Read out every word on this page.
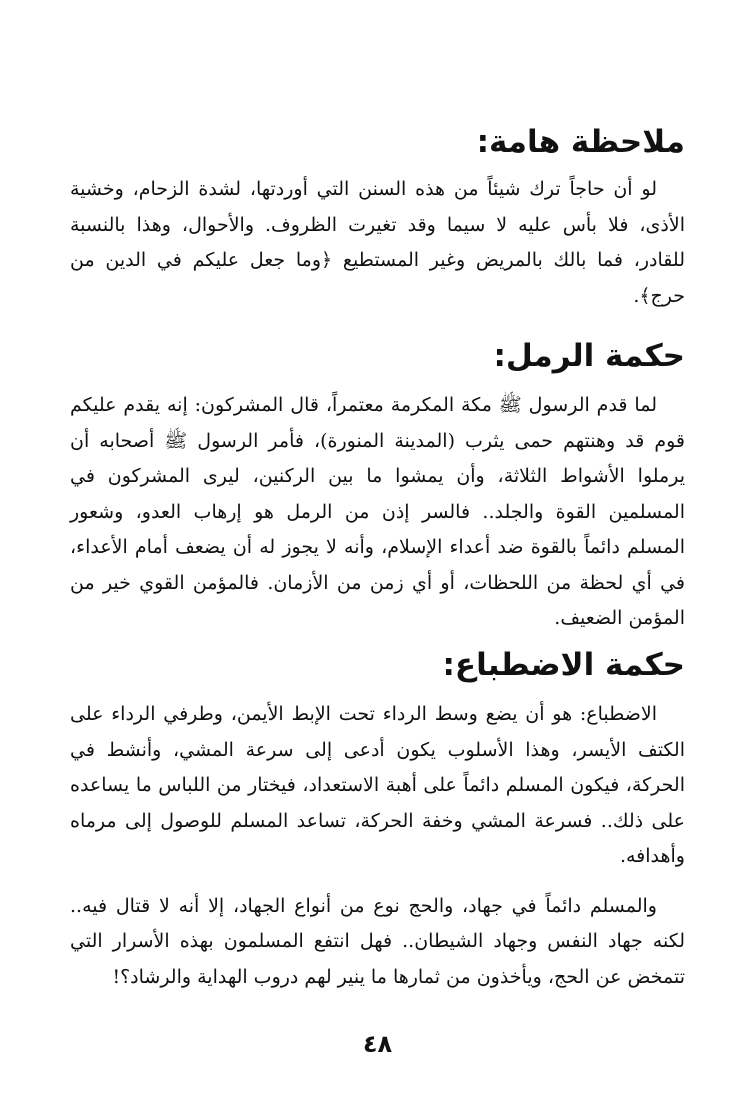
ملاحظة هامة:

لو أن حاجاً ترك شيئاً من هذه السنن التي أوردتها، لشدة الزحام، وخشية الأذى، فلا بأس عليه لا سيما وقد تغيرت الظروف. والأحوال، وهذا بالنسبة للقادر، فما بالك بالمريض وغير المستطيع ﴿وما جعل عليكم في الدين من حرج﴾.

حكمة الرمل:

لما قدم الرسول ﷺ مكة المكرمة معتمراً، قال المشركون: إنه يقدم عليكم قوم قد وهنتهم حمى يثرب (المدينة المنورة)، فأمر الرسول ﷺ أصحابه أن يرملوا الأشواط الثلاثة، وأن يمشوا ما بين الركنين، ليرى المشركون في المسلمين القوة والجلد.. فالسر إذن من الرمل هو إرهاب العدو، وشعور المسلم دائماً بالقوة ضد أعداء الإسلام، وأنه لا يجوز له أن يضعف أمام الأعداء، في أي لحظة من اللحظات، أو أي زمن من الأزمان. فالمؤمن القوي خير من المؤمن الضعيف.

حكمة الاضطباع:

الاضطباع: هو أن يضع وسط الرداء تحت الإبط الأيمن، وطرفي الرداء على الكتف الأيسر، وهذا الأسلوب يكون أدعى إلى سرعة المشي، وأنشط في الحركة، فيكون المسلم دائماً على أهبة الاستعداد، فيختار من اللباس ما يساعده على ذلك.. فسرعة المشي وخفة الحركة، تساعد المسلم للوصول إلى مرماه وأهدافه.

والمسلم دائماً في جهاد، والحج نوع من أنواع الجهاد، إلا أنه لا قتال فيه.. لكنه جهاد النفس وجهاد الشيطان.. فهل انتفع المسلمون بهذه الأسرار التي تتمخض عن الحج، ويأخذون من ثمارها ما ينير لهم دروب الهداية والرشاد؟!

٤٨
